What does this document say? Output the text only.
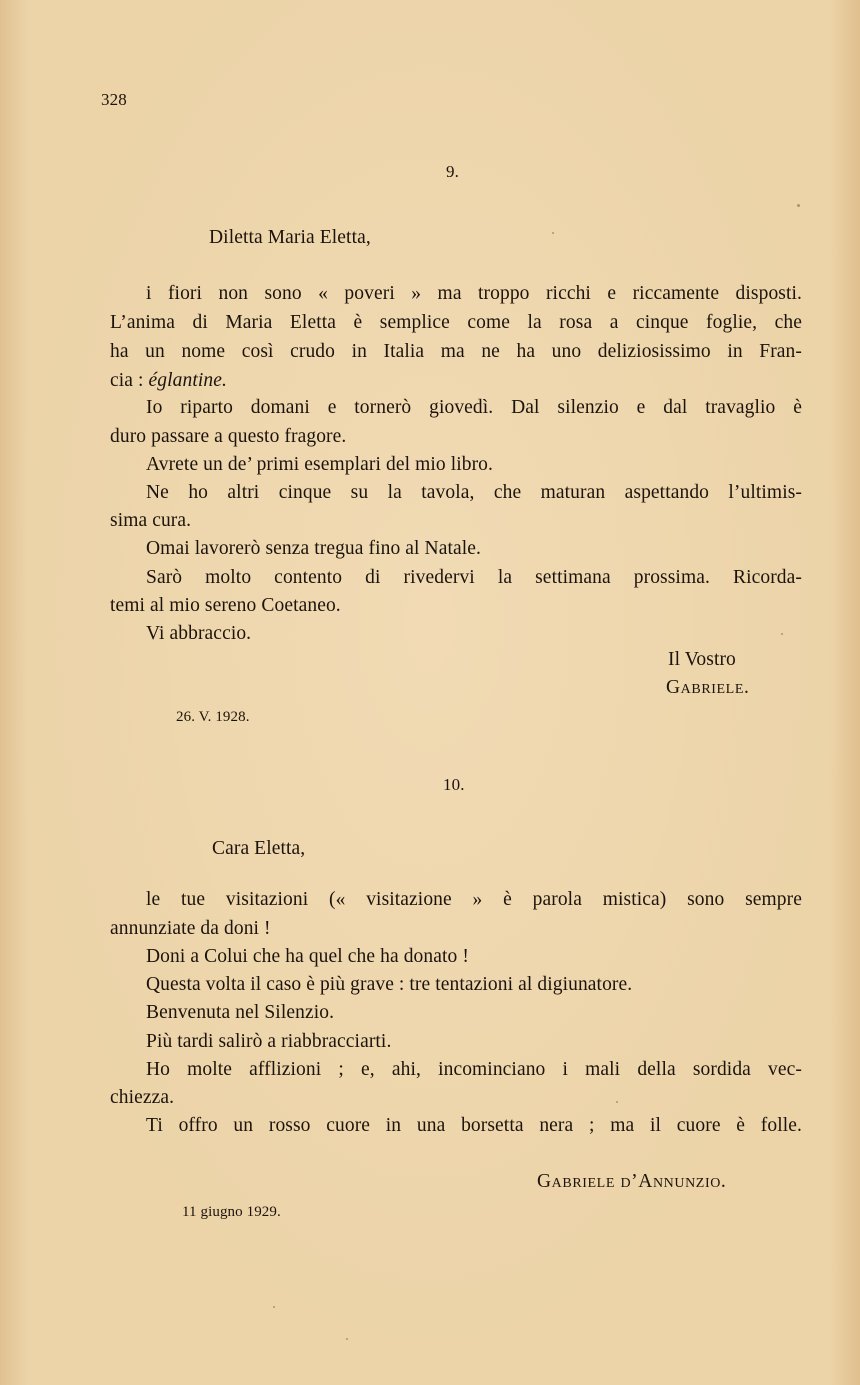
328
9.
Diletta Maria Eletta,
i fiori non sono « poveri » ma troppo ricchi e riccamente disposti.
L’anima di Maria Eletta è semplice come la rosa a cinque foglie, che
ha un nome così crudo in Italia ma ne ha uno deliziosissimo in Fran-
cia : églantine.
Io riparto domani e tornerò giovedì. Dal silenzio e dal travaglio è
duro passare a questo fragore.
Avrete un de’ primi esemplari del mio libro.
Ne ho altri cinque su la tavola, che maturan aspettando l’ultimis-
sima cura.
Omai lavorerò senza tregua fino al Natale.
Sarò molto contento di rivedervi la settimana prossima. Ricorda-
temi al mio sereno Coetaneo.
Vi abbraccio.
Il Vostro
Gabriele.
26. V. 1928.
10.
Cara Eletta,
le tue visitazioni (« visitazione » è parola mistica) sono sempre
annunziate da doni !
Doni a Colui che ha quel che ha donato !
Questa volta il caso è più grave : tre tentazioni al digiunatore.
Benvenuta nel Silenzio.
Più tardi salirò a riabbracciarti.
Ho molte afflizioni ; e, ahi, incominciano i mali della sordida vec-
chiezza.
Ti offro un rosso cuore in una borsetta nera ; ma il cuore è folle.
Gabriele d’Annunzio.
11 giugno 1929.
